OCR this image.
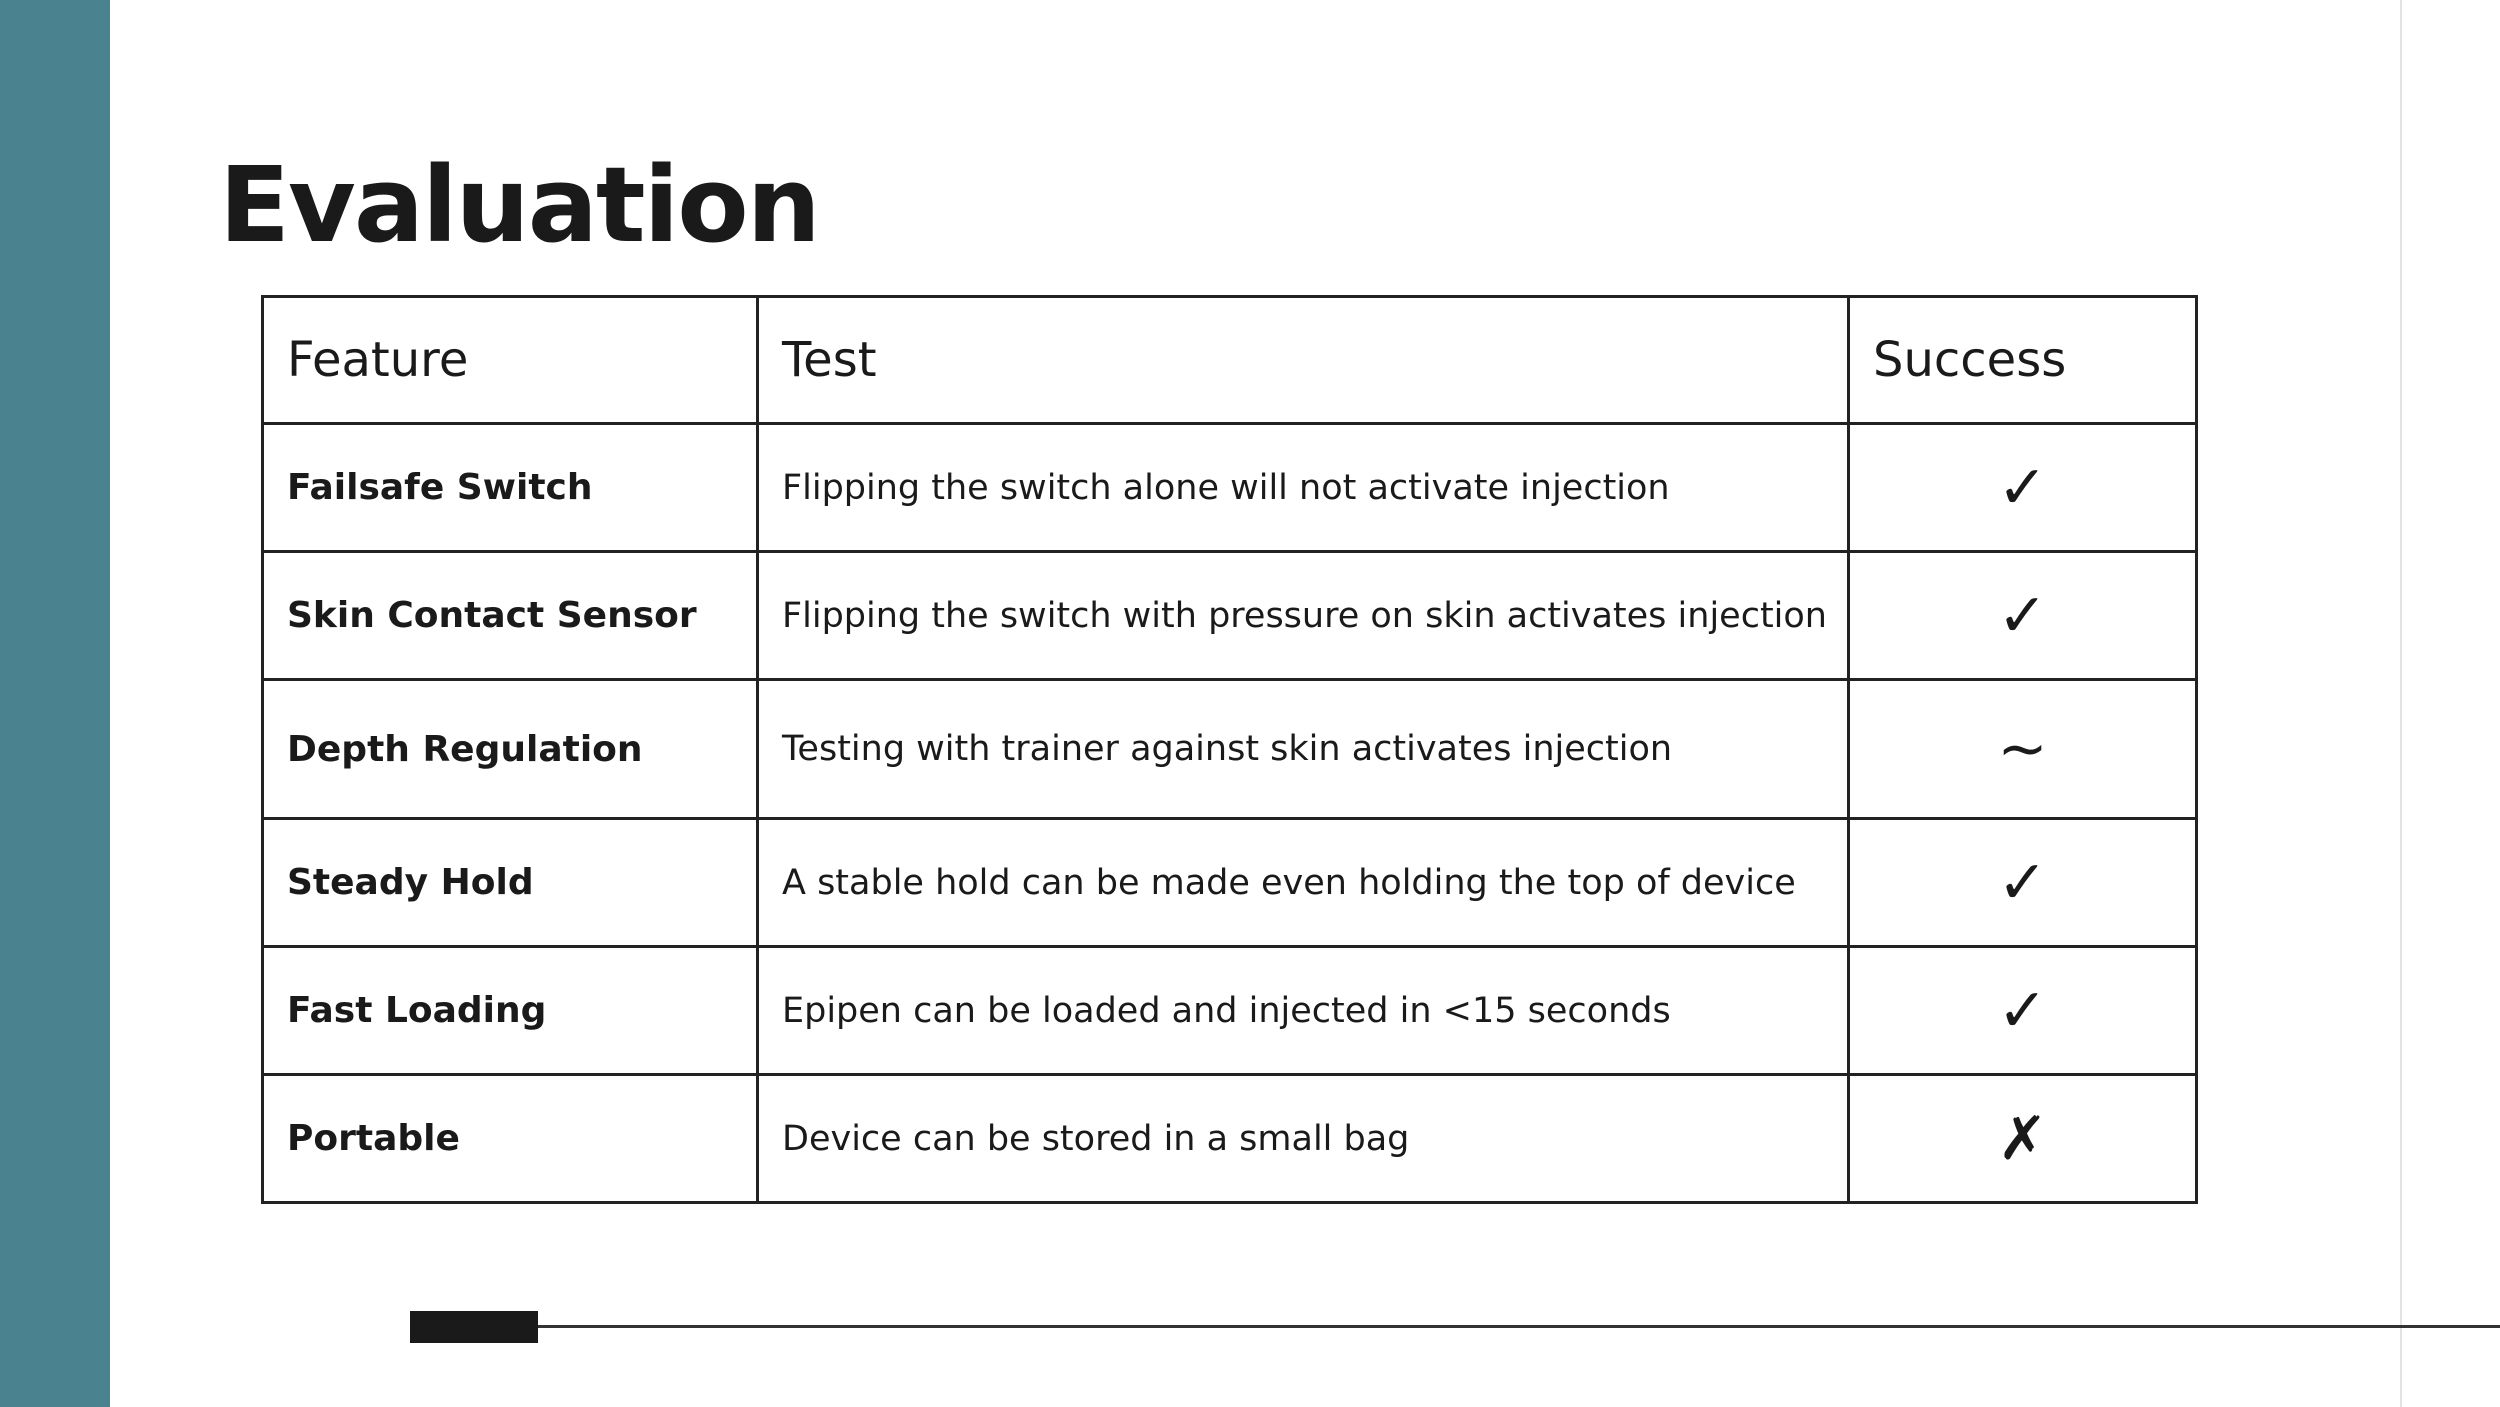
Evaluation
Feature	Test	Success
Failsafe Switch	Flipping the switch alone will not activate injection	✓
Skin Contact Sensor	Flipping the switch with pressure on skin activates injection	✓
Depth Regulation	Testing with trainer against skin activates injection	~
Steady Hold	A stable hold can be made even holding the top of device	✓
Fast Loading	Epipen can be loaded and injected in <15 seconds	✓
Portable	Device can be stored in a small bag	✗
